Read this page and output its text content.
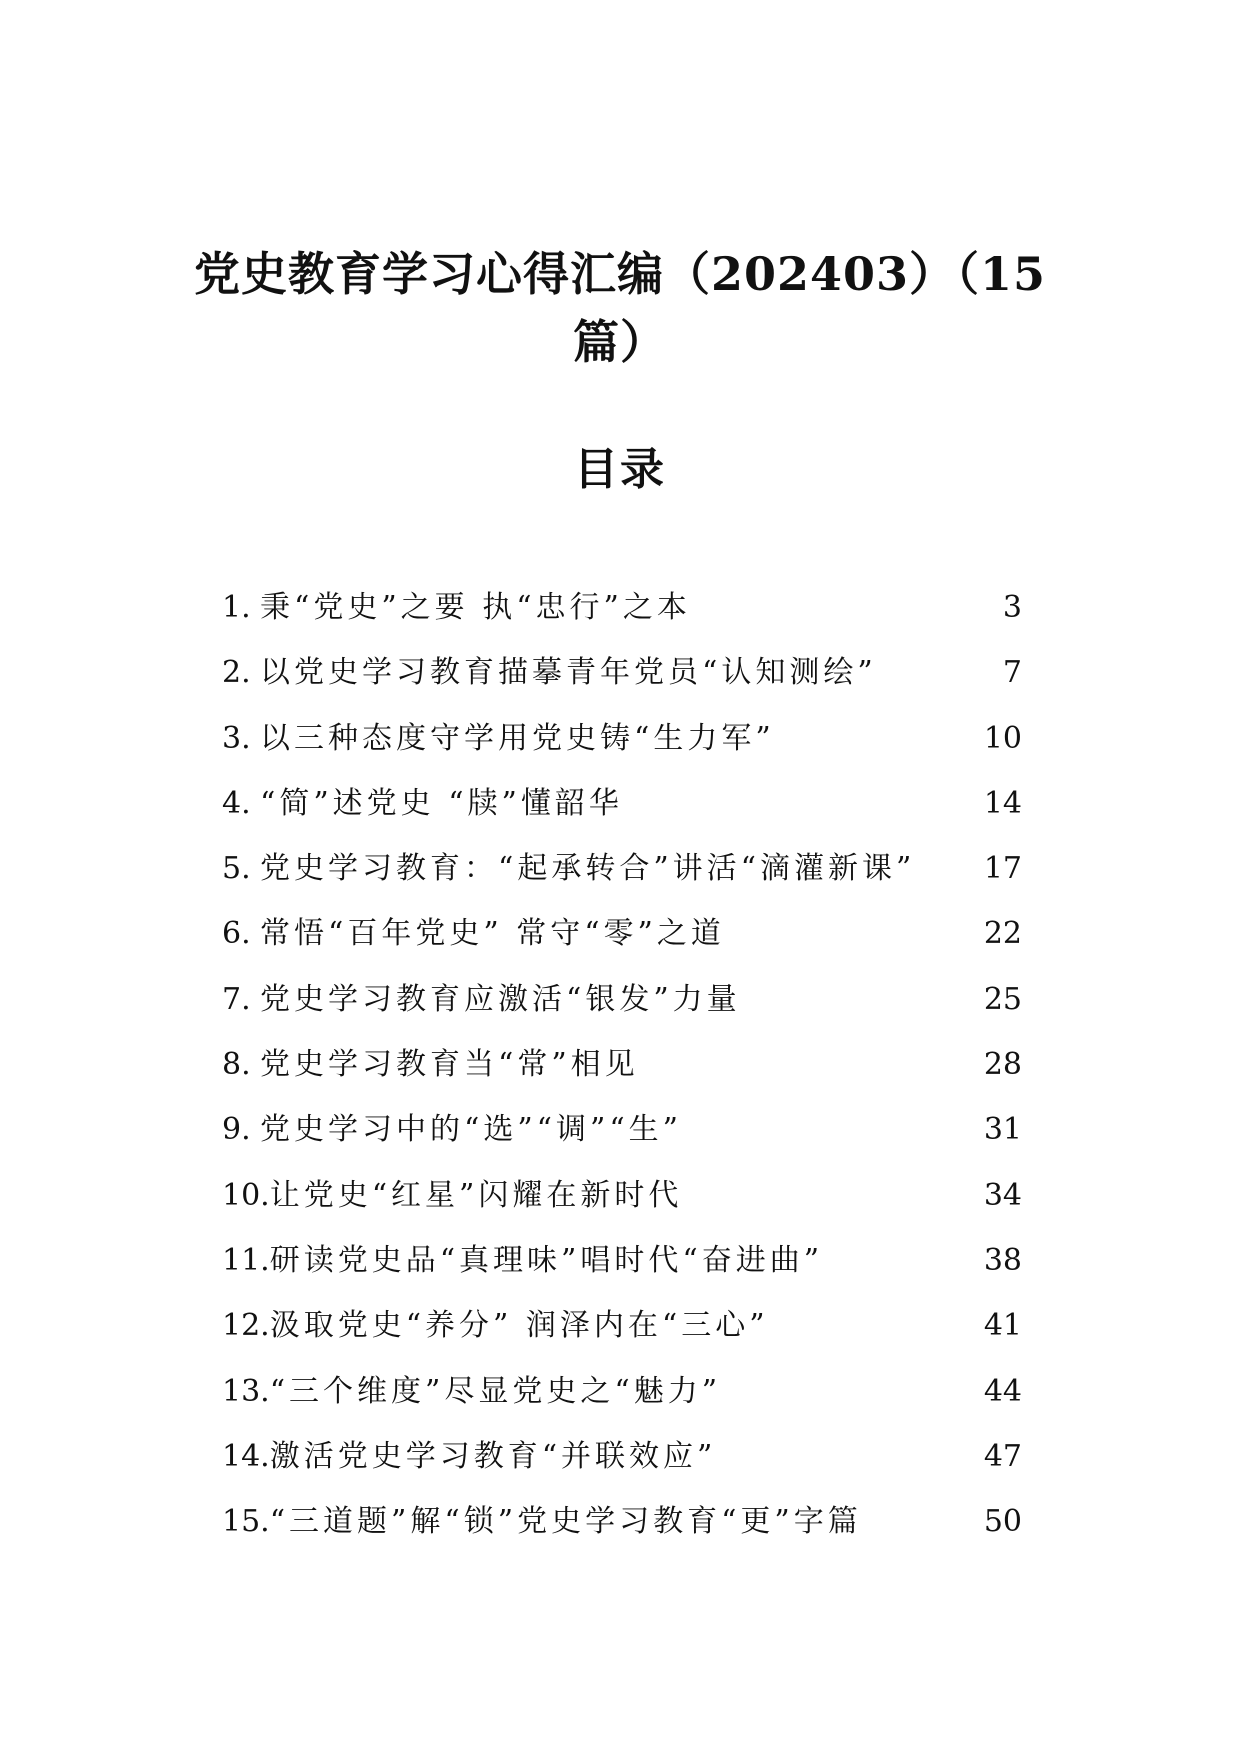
党史教育学习心得汇编（202403）（15
篇）
目录
1. 秉“党史”之要 执“忠行”之本 .....	3
2. 以党史学习教育描摹青年党员“认知测绘” .....	7
3. 以三种态度守学用党史铸“生力军” .....	10
4. “简”述党史 “牍”懂韶华 .....	14
5. 党史学习教育：“起承转合”讲活“滴灌新课” ..... 17
6. 常悟“百年党史” 常守“零”之道 .....	22
7. 党史学习教育应激活“银发”力量 .....	25
8. 党史学习教育当“常”相见 .....	28
9. 党史学习中的“选”“调”“生” .....	31
10. 让党史“红星”闪耀在新时代 .....	34
11. 研读党史品“真理味”唱时代“奋进曲” .....	38
12. 汲取党史“养分” 润泽内在“三心” .....	41
13. “三个维度”尽显党史之“魅力” .....	44
14. 激活党史学习教育“并联效应” .....	47
15. “三道题”解“锁”党史学习教育“更”字篇 .....	50
